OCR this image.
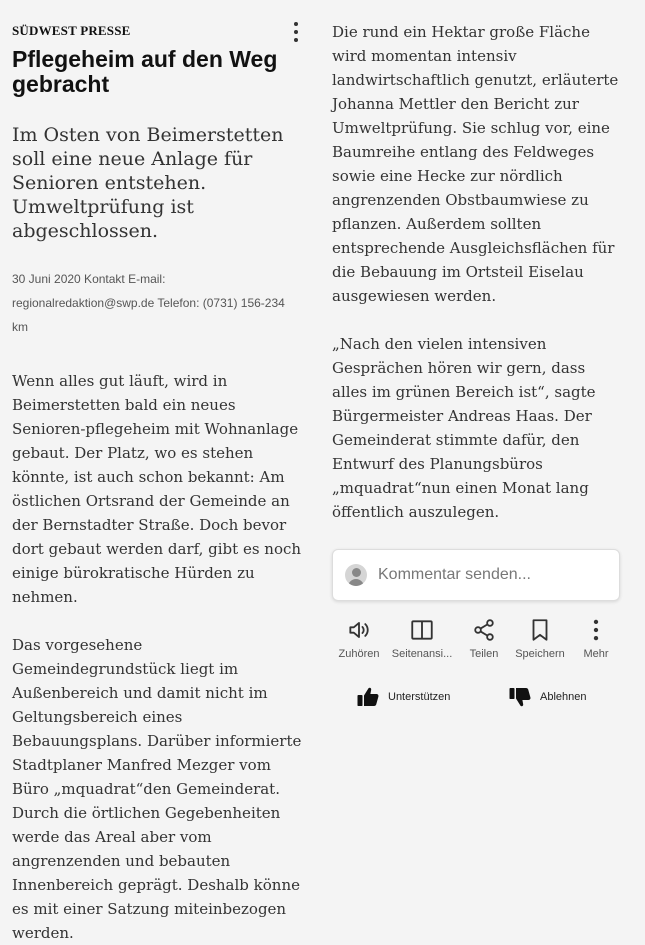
SÜDWEST PRESSE
Pflegeheim auf den Weg gebracht

Im Osten von Beimerstetten soll eine neue Anlage für Senioren entstehen. Umweltprüfung ist abgeschlossen.

30 Juni 2020 Kontakt E-mail: regionalredaktion@swp.de Telefon: (0731) 156-234 km

Wenn alles gut läuft, wird in Beimerstetten bald ein neues Senioren-pflegeheim mit Wohnanlage gebaut. Der Platz, wo es stehen könnte, ist auch schon bekannt: Am östlichen Ortsrand der Gemeinde an der Bernstadter Straße. Doch bevor dort gebaut werden darf, gibt es noch einige bürokratische Hürden zu nehmen.

Das vorgesehene Gemeindegrundstück liegt im Außenbereich und damit nicht im Geltungsbereich eines Bebauungsplans. Darüber informierte Stadtplaner Manfred Mezger vom Büro „mquadrat“den Gemeinderat. Durch die örtlichen Gegebenheiten werde das Areal aber vom angrenzenden und bebauten Innenbereich geprägt. Deshalb könne es mit einer Satzung miteinbezogen werden.

Die rund ein Hektar große Fläche wird momentan intensiv landwirtschaftlich genutzt, erläuterte Johanna Mettler den Bericht zur Umweltprüfung. Sie schlug vor, eine Baumreihe entlang des Feldweges sowie eine Hecke zur nördlich angrenzenden Obstbaumwiese zu pflanzen. Außerdem sollten entsprechende Ausgleichsflächen für die Bebauung im Ortsteil Eiselau ausgewiesen werden.

„Nach den vielen intensiven Gesprächen hören wir gern, dass alles im grünen Bereich ist“, sagte Bürgermeister Andreas Haas. Der Gemeinderat stimmte dafür, den Entwurf des Planungsbüros „mquadrat“nun einen Monat lang öffentlich auszulegen.

Kommentar senden...
Zuhören Seitenansi... Teilen Speichern Mehr
Unterstützen	Ablehnen
